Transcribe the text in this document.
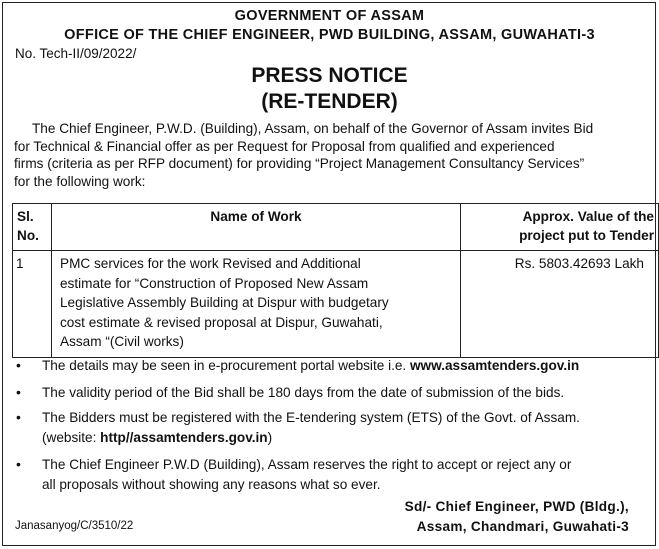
GOVERNMENT OF ASSAM
OFFICE OF THE CHIEF ENGINEER, PWD BUILDING, ASSAM, GUWAHATI-3
No. Tech-II/09/2022/
PRESS NOTICE
(RE-TENDER)
The Chief Engineer, P.W.D. (Building), Assam, on behalf of the Governor of Assam invites Bid
for Technical & Financial offer as per Request for Proposal from qualified and experienced
firms (criteria as per RFP document) for providing “Project Management Consultancy Services”
for the following work:
Sl.
No.	Name of Work	Approx. Value of the
project put to Tender
1	PMC services for the work Revised and Additional
estimate for “Construction of Proposed New Assam
Legislative Assembly Building at Dispur with budgetary
cost estimate & revised proposal at Dispur, Guwahati,
Assam “(Civil works)	Rs. 5803.42693 Lakh
• The details may be seen in e-procurement portal website i.e. www.assamtenders.gov.in
• The validity period of the Bid shall be 180 days from the date of submission of the bids.
• The Bidders must be registered with the E-tendering system (ETS) of the Govt. of Assam.
(website: http//assamtenders.gov.in)
• The Chief Engineer P.W.D (Building), Assam reserves the right to accept or reject any or
all proposals without showing any reasons what so ever.
Sd/- Chief Engineer, PWD (Bldg.),
Assam, Chandmari, Guwahati-3
Janasanyog/C/3510/22
